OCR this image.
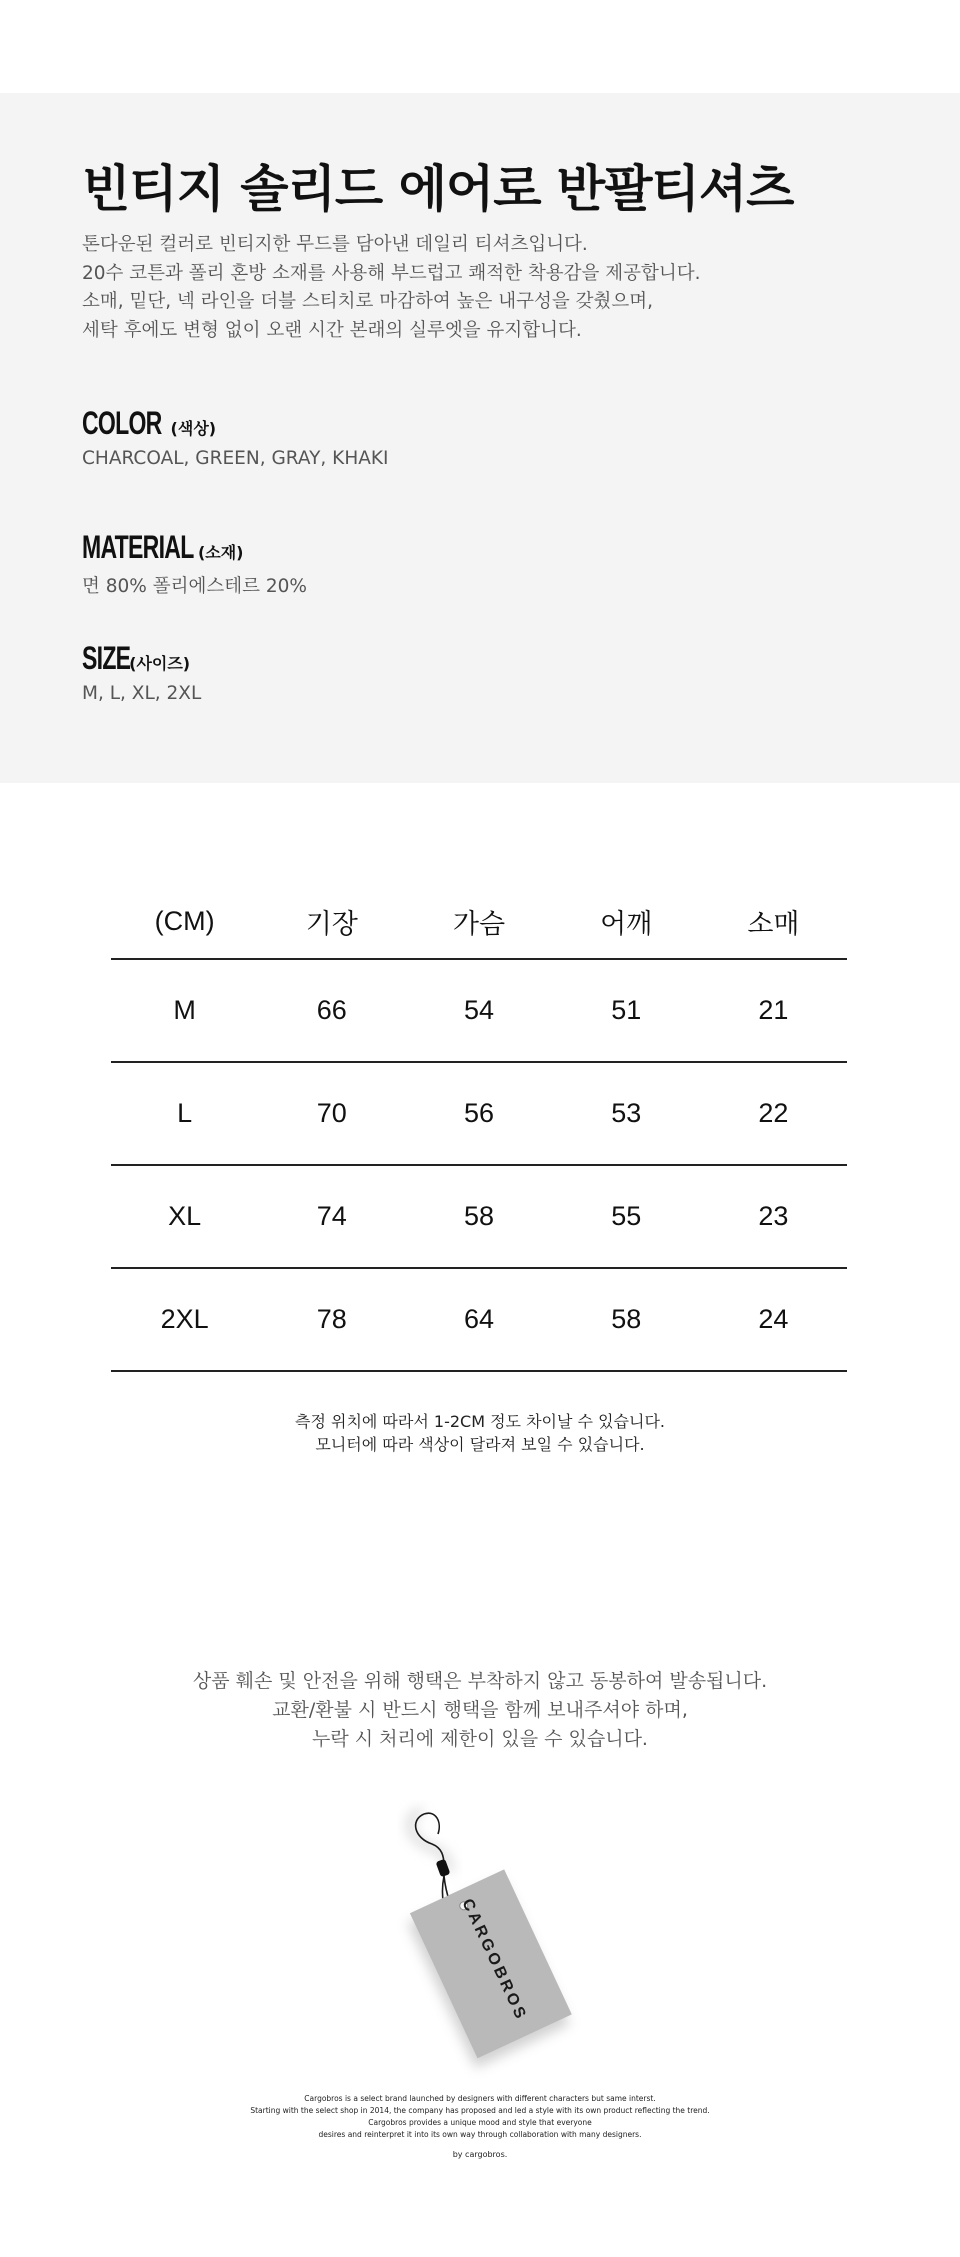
빈티지 솔리드 에어로 반팔티셔츠
톤다운된 컬러로 빈티지한 무드를 담아낸 데일리 티셔츠입니다.
20수 코튼과 폴리 혼방 소재를 사용해 부드럽고 쾌적한 착용감을 제공합니다.
소매, 밑단, 넥 라인을 더블 스티치로 마감하여 높은 내구성을 갖췄으며,
세탁 후에도 변형 없이 오랜 시간 본래의 실루엣을 유지합니다.
COLOR (색상)
CHARCOAL, GREEN, GRAY, KHAKI
MATERIAL (소재)
면 80% 폴리에스테르 20%
SIZE
(사이즈)
M, L, XL, 2XL
(CM)	기장	가슴	어깨	소매
M	66	54	51	21
L	70	56	53	22
XL	74	58	55	23
2XL	78	64	58	24
측정 위치에 따라서 1-2CM 정도 차이날 수 있습니다.
모니터에 따라 색상이 달라져 보일 수 있습니다.
상품 훼손 및 안전을 위해 행택은 부착하지 않고 동봉하여 발송됩니다.
교환/환불 시 반드시 행택을 함께 보내주셔야 하며,
누락 시 처리에 제한이 있을 수 있습니다.
CARGOBROS
Cargobros is a select brand launched by designers with different characters but same interst.
Starting with the select shop in 2014, the company has proposed and led a style with its own product reflecting the trend.
Cargobros provides a unique mood and style that everyone
desires and reinterpret it into its own way through collaboration with many designers.
by cargobros.
